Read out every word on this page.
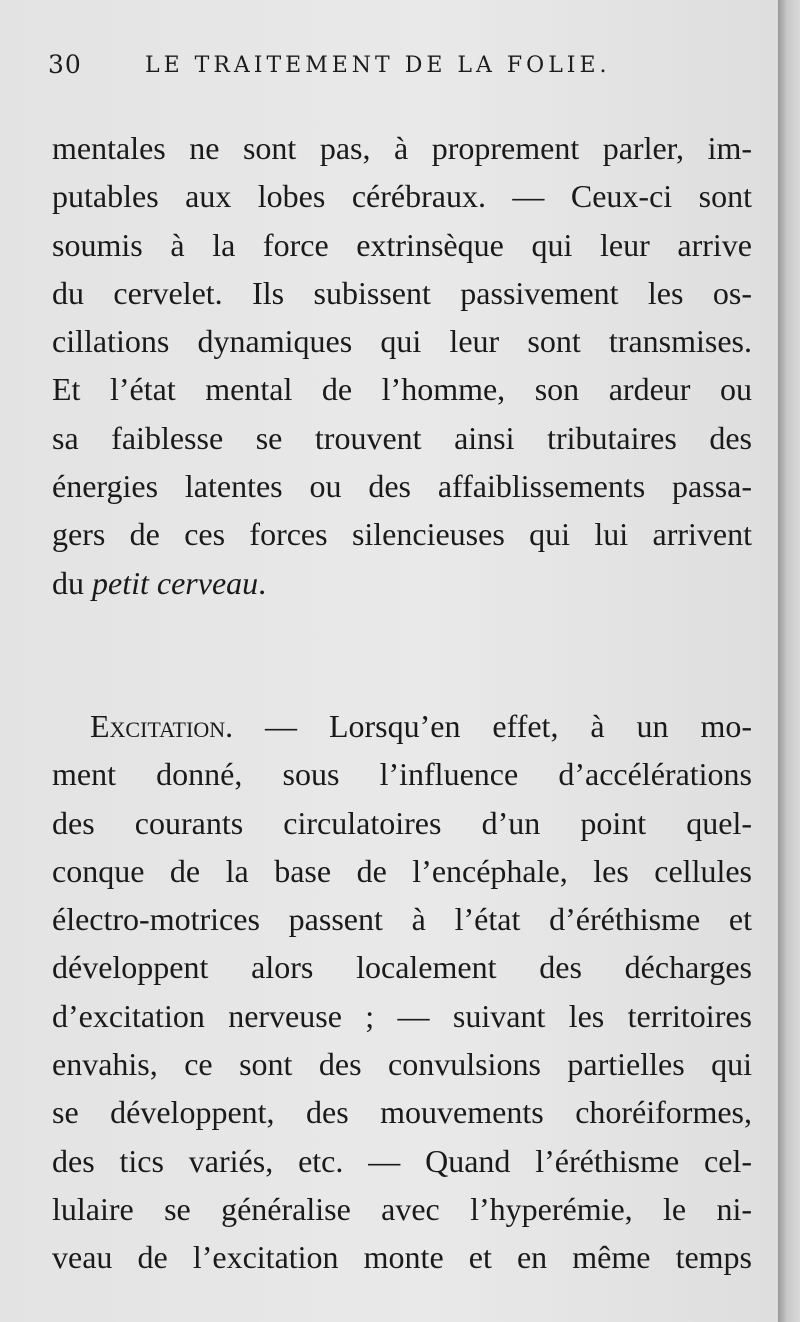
30	LE TRAITEMENT DE LA FOLIE.
mentales ne sont pas, à proprement parler, im-
putables aux lobes cérébraux. — Ceux-ci sont
soumis à la force extrinsèque qui leur arrive
du cervelet. Ils subissent passivement les os-
cillations dynamiques qui leur sont transmises.
Et l’état mental de l’homme, son ardeur ou
sa faiblesse se trouvent ainsi tributaires des
énergies latentes ou des affaiblissements passa-
gers de ces forces silencieuses qui lui arrivent
du petit cerveau.
Excitation. — Lorsqu’en effet, à un mo-
ment donné, sous l’influence d’accélérations
des courants circulatoires d’un point quel-
conque de la base de l’encéphale, les cellules
électro-motrices passent à l’état d’éréthisme et
développent alors localement des décharges
d’excitation nerveuse ; — suivant les territoires
envahis, ce sont des convulsions partielles qui
se développent, des mouvements choréiformes,
des tics variés, etc. — Quand l’éréthisme cel-
lulaire se généralise avec l’hyperémie, le ni-
veau de l’excitation monte et en même temps
